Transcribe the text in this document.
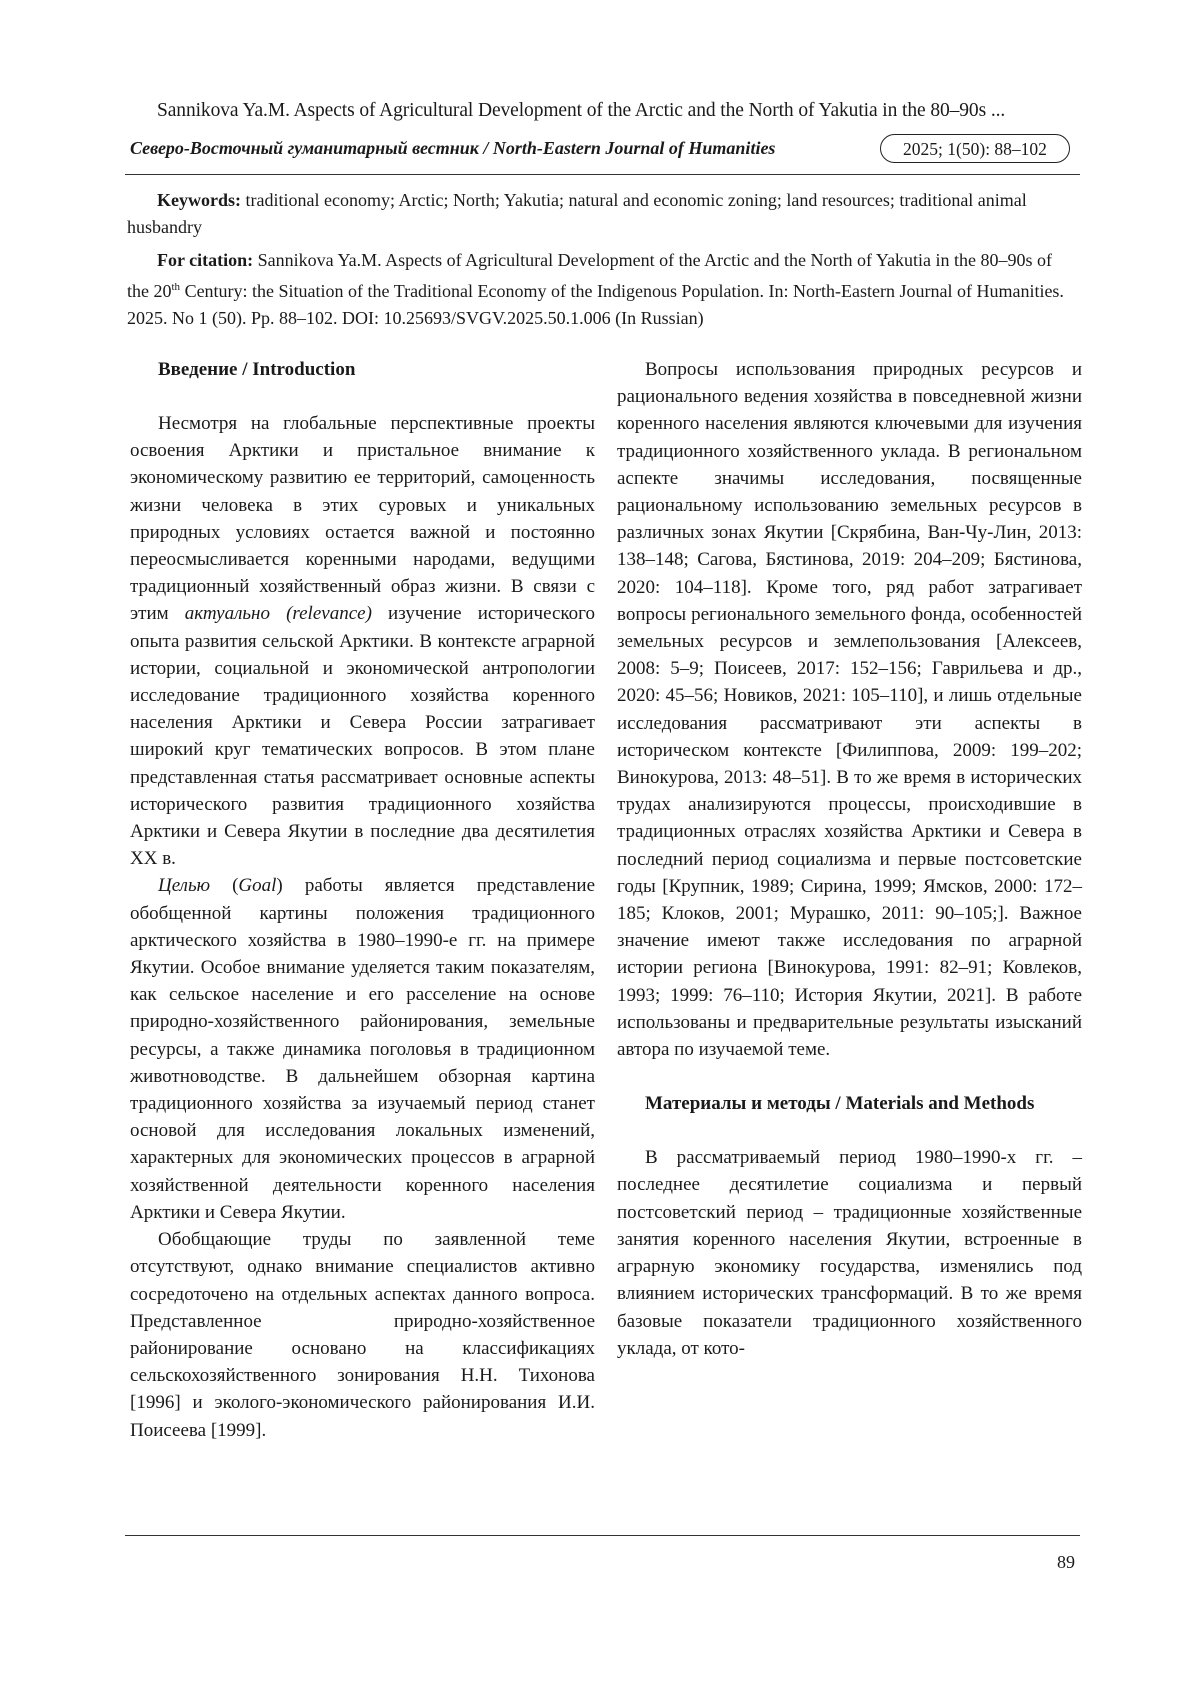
Sannikova Ya.M. Aspects of Agricultural Development of the Arctic and the North of Yakutia in the 80–90s ...
Северо-Восточный гуманитарный вестник / North-Eastern Journal of Humanities	2025; 1(50): 88–102
Keywords: traditional economy; Arctic; North; Yakutia; natural and economic zoning; land resources; traditional animal husbandry
For citation: Sannikova Ya.M. Aspects of Agricultural Development of the Arctic and the North of Yakutia in the 80–90s of the 20th Century: the Situation of the Traditional Economy of the Indigenous Population. In: North-Eastern Journal of Humanities. 2025. No 1 (50). Pp. 88–102. DOI: 10.25693/SVGV.2025.50.1.006 (In Russian)
Введение / Introduction

Несмотря на глобальные перспективные проекты освоения Арктики и пристальное внимание к экономическому развитию ее территорий, самоценность жизни человека в этих суровых и уникальных природных условиях остается важной и постоянно переосмысливается коренными народами, ведущими традиционный хозяйственный образ жизни. В связи с этим актуально (relevance) изучение исторического опыта развития сельской Арктики. В контексте аграрной истории, социальной и экономической антропологии исследование традиционного хозяйства коренного населения Арктики и Севера России затрагивает широкий круг тематических вопросов. В этом плане представленная статья рассматривает основные аспекты исторического развития традиционного хозяйства Арктики и Севера Якутии в последние два десятилетия XX в.

Целью (Goal) работы является представление обобщенной картины положения традиционного арктического хозяйства в 1980–1990-е гг. на примере Якутии. Особое внимание уделяется таким показателям, как сельское население и его расселение на основе природно-хозяйственного районирования, земельные ресурсы, а также динамика поголовья в традиционном животноводстве. В дальнейшем обзорная картина традиционного хозяйства за изучаемый период станет основой для исследования локальных изменений, характерных для экономических процессов в аграрной хозяйственной деятельности коренного населения Арктики и Севера Якутии.

Обобщающие труды по заявленной теме отсутствуют, однако внимание специалистов активно сосредоточено на отдельных аспектах данного вопроса. Представленное природно-хозяйственное районирование основано на классификациях сельскохозяйственного зонирования Н.Н. Тихонова [1996] и эколого-экономического районирования И.И. Поисеева [1999].

Вопросы использования природных ресурсов и рационального ведения хозяйства в повседневной жизни коренного населения являются ключевыми для изучения традиционного хозяйственного уклада. В региональном аспекте значимы исследования, посвященные рациональному использованию земельных ресурсов в различных зонах Якутии [Скрябина, Ван-Чу-Лин, 2013: 138–148; Сагова, Бястинова, 2019: 204–209; Бястинова, 2020: 104–118]. Кроме того, ряд работ затрагивает вопросы регионального земельного фонда, особенностей земельных ресурсов и землепользования [Алексеев, 2008: 5–9; Поисеев, 2017: 152–156; Гаврильева и др., 2020: 45–56; Новиков, 2021: 105–110], и лишь отдельные исследования рассматривают эти аспекты в историческом контексте [Филиппова, 2009: 199–202; Винокурова, 2013: 48–51]. В то же время в исторических трудах анализируются процессы, происходившие в традиционных отраслях хозяйства Арктики и Севера в последний период социализма и первые постсоветские годы [Крупник, 1989; Сирина, 1999; Ямсков, 2000: 172–185; Клоков, 2001; Мурашко, 2011: 90–105;]. Важное значение имеют также исследования по аграрной истории региона [Винокурова, 1991: 82–91; Ковлеков, 1993; 1999: 76–110; История Якутии, 2021]. В работе использованы и предварительные результаты изысканий автора по изучаемой теме.

Материалы и методы / Materials and Methods

В рассматриваемый период 1980–1990-х гг. – последнее десятилетие социализма и первый постсоветский период – традиционные хозяйственные занятия коренного населения Якутии, встроенные в аграрную экономику государства, изменялись под влиянием исторических трансформаций. В то же время базовые показатели традиционного хозяйственного уклада, от кото-

89
